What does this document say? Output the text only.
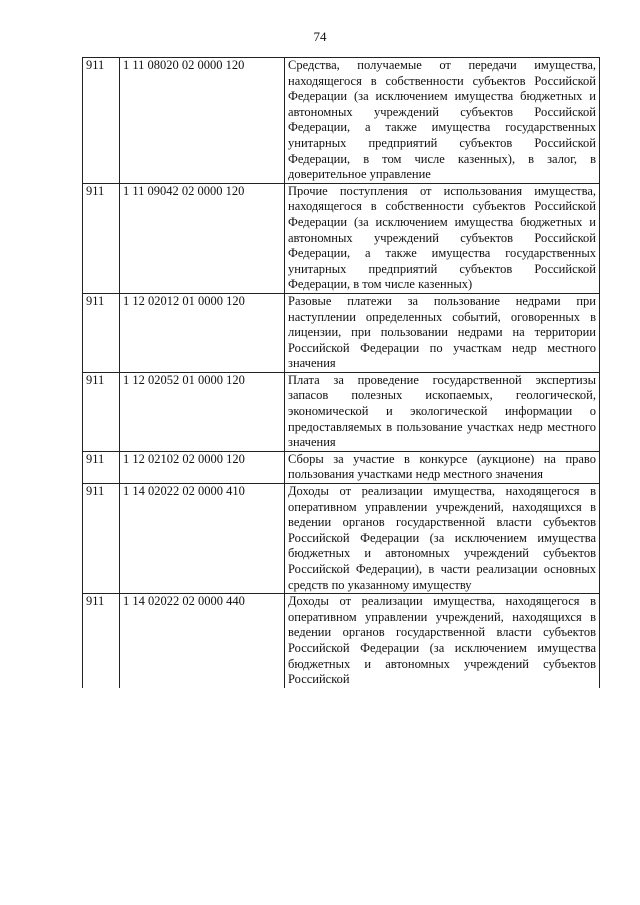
74
911	1 11 08020 02 0000 120	Средства, получаемые от передачи имущества, находящегося в собственности субъектов Российской Федерации (за исключением имущества бюджетных и автономных учреждений субъектов Российской Федерации, а также имущества государственных унитарных предприятий субъектов Российской Федерации, в том числе казенных), в залог, в доверительное управление
911	1 11 09042 02 0000 120	Прочие поступления от использования имущества, находящегося в собственности субъектов Российской Федерации (за исключением имущества бюджетных и автономных учреждений субъектов Российской Федерации, а также имущества государственных унитарных предприятий субъектов Российской Федерации, в том числе казенных)
911	1 12 02012 01 0000 120	Разовые платежи за пользование недрами при наступлении определенных событий, оговоренных в лицензии, при пользовании недрами на территории Российской Федерации по участкам недр местного значения
911	1 12 02052 01 0000 120	Плата за проведение государственной экспертизы запасов полезных ископаемых, геологической, экономической и экологической информации о предоставляемых в пользование участках недр местного значения
911	1 12 02102 02 0000 120	Сборы за участие в конкурсе (аукционе) на право пользования участками недр местного значения
911	1 14 02022 02 0000 410	Доходы от реализации имущества, находящегося в оперативном управлении учреждений, находящихся в ведении органов государственной власти субъектов Российской Федерации (за исключением имущества бюджетных и автономных учреждений субъектов Российской Федерации), в части реализации основных средств по указанному имуществу
911	1 14 02022 02 0000 440	Доходы от реализации имущества, находящегося в оперативном управлении учреждений, находящихся в ведении органов государственной власти субъектов Российской Федерации (за исключением имущества бюджетных и автономных учреждений субъектов Российской
